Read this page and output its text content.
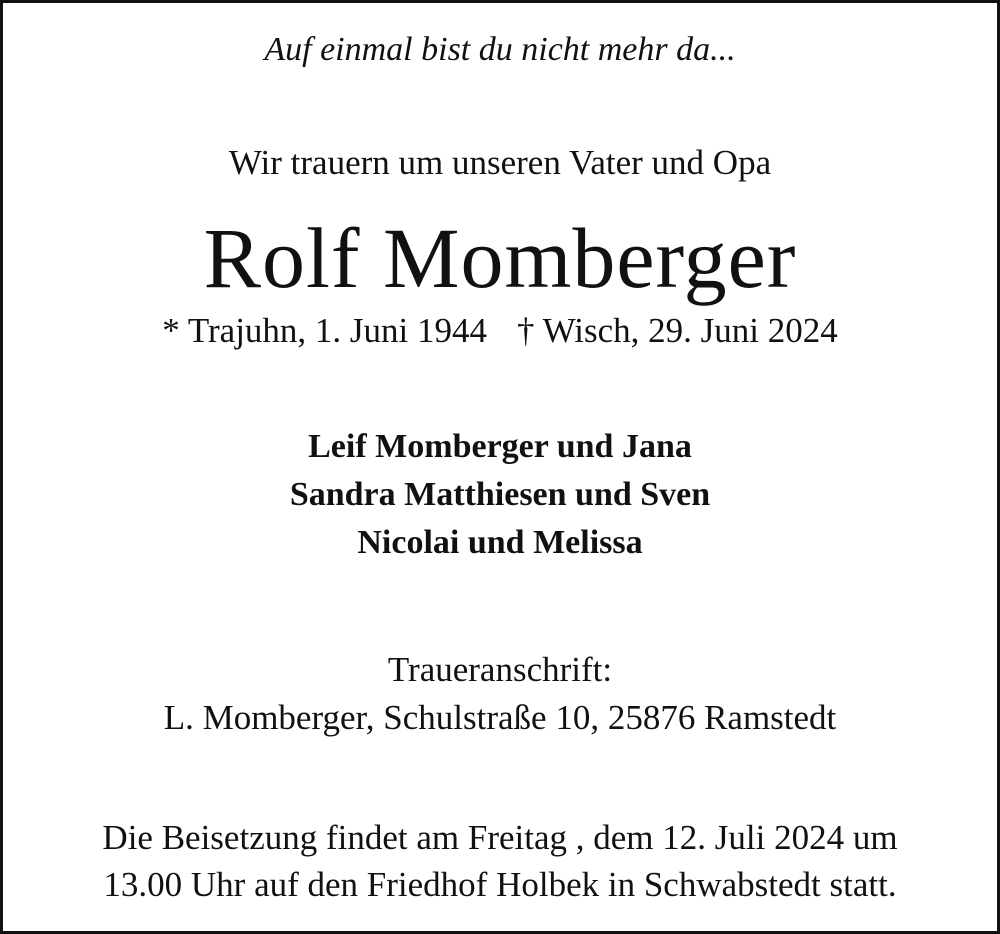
Auf einmal bist du nicht mehr da...
Wir trauern um unseren Vater und Opa
Rolf Momberger
* Trajuhn, 1. Juni 1944 † Wisch, 29. Juni 2024
Leif Momberger und Jana
Sandra Matthiesen und Sven
Nicolai und Melissa
Traueranschrift:
L. Momberger, Schulstraße 10, 25876 Ramstedt
Die Beisetzung findet am Freitag , dem 12. Juli 2024 um
13.00 Uhr auf den Friedhof Holbek in Schwabstedt statt.
